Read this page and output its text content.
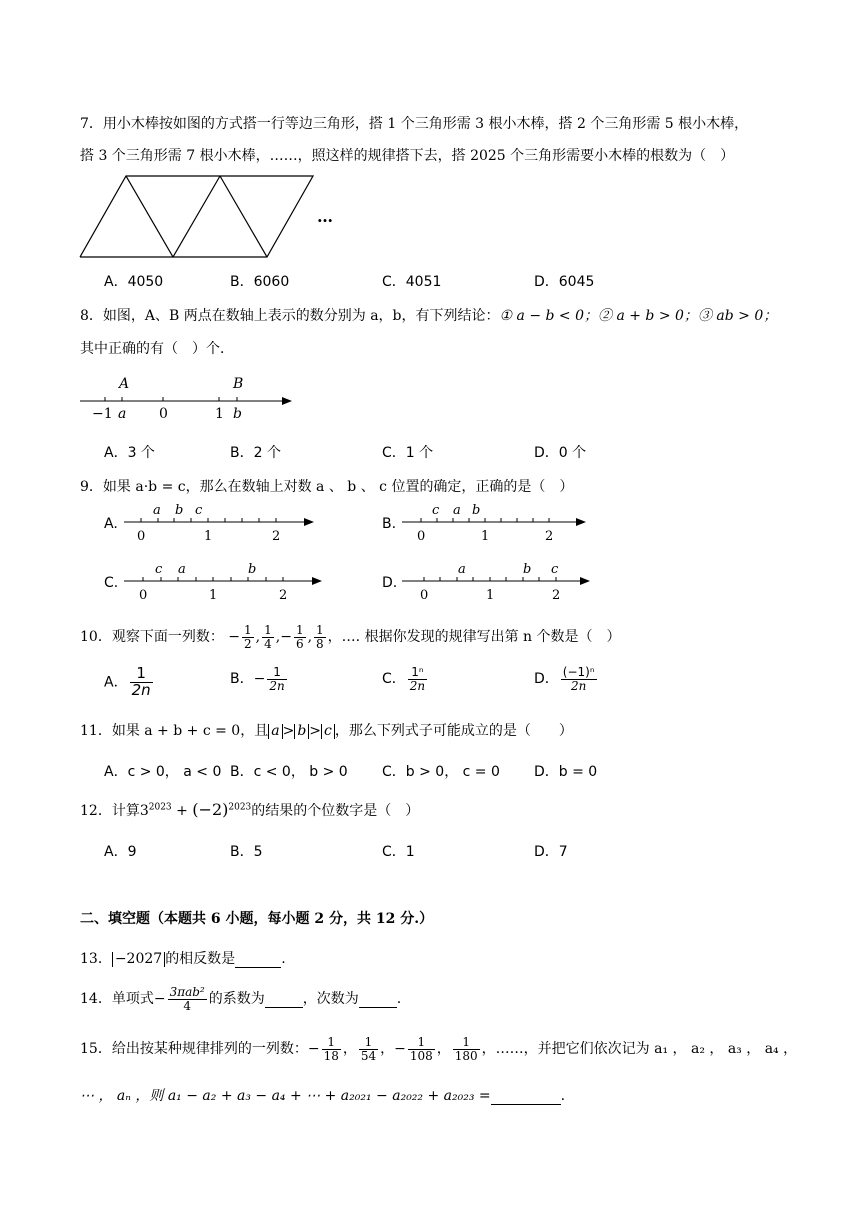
7．用小木棒按如图的方式搭一行等边三角形，搭 1 个三角形需 3 根小木棒，搭 2 个三角形需 5 根小木棒，
搭 3 个三角形需 7 根小木棒，……，照这样的规律搭下去，搭 2025 个三角形需要小木棒的根数为（　）
…
A．4050	B．6060	C．4051	D．6045
8．如图，A、B 两点在数轴上表示的数分别为 a，b，有下列结论：① a − b < 0；② a + b > 0；③ ab > 0；
其中正确的有（　）个．
A	B
−1 a 0	1 b
A．3 个	B．2 个	C．1 个	D．0 个
9．如果 a·b = c，那么在数轴上对数 a 、 b 、 c 位置的确定，正确的是（　）
A.
a b c
0	1	2
B.
c a b
0	1	2
C.
c a	b
0	1	2
D.
a	b c
0	1	2
10．观察下面一列数： − $\frac{1}{2}$ , $\frac{1}{4}$ ,− $\frac{1}{6}$ , $\frac{1}{8}$ ，…. 根据你发现的规律写出第 n 个数是（　）
A． $\frac{1}{2n}$	B．− $\frac{1}{2n}$	C． $\frac{\text{1ⁿ}}{2n}$	D． $\frac{\text{(−1)ⁿ}}{2n}$
11．如果 a + b + c = 0，且 a > b > c ，那么下列式子可能成立的是（　　）
A．c > 0， a < 0 B．c < 0， b > 0 C．b > 0， c = 0 D．b = 0
12．计算$3^{2023} + (-2)^{2023}$的结果的个位数字是（　）
A．9	B．5	C．1	D．7
二、填空题（本题共 6 小题，每小题 2 分，共 12 分.）
13． −2027 的相反数是	.
14．单项式− $\frac{\text{3πab²}}{4}$ 的系数为	，次数为	.
15．给出按某种规律排列的一列数：− $\frac{1}{18}$ ， $\frac{1}{54}$ ，− $\frac{1}{108}$ ， $\frac{1}{180}$ ，……，并把它们依次记为 a₁ ， a₂ ， a₃ ， a₄ ，
⋯ ， aₙ ，则 a₁ − a₂ + a₃ − a₄ + ⋯ + a₂₀₂₁ − a₂₀₂₂ + a₂₀₂₃ =	.
